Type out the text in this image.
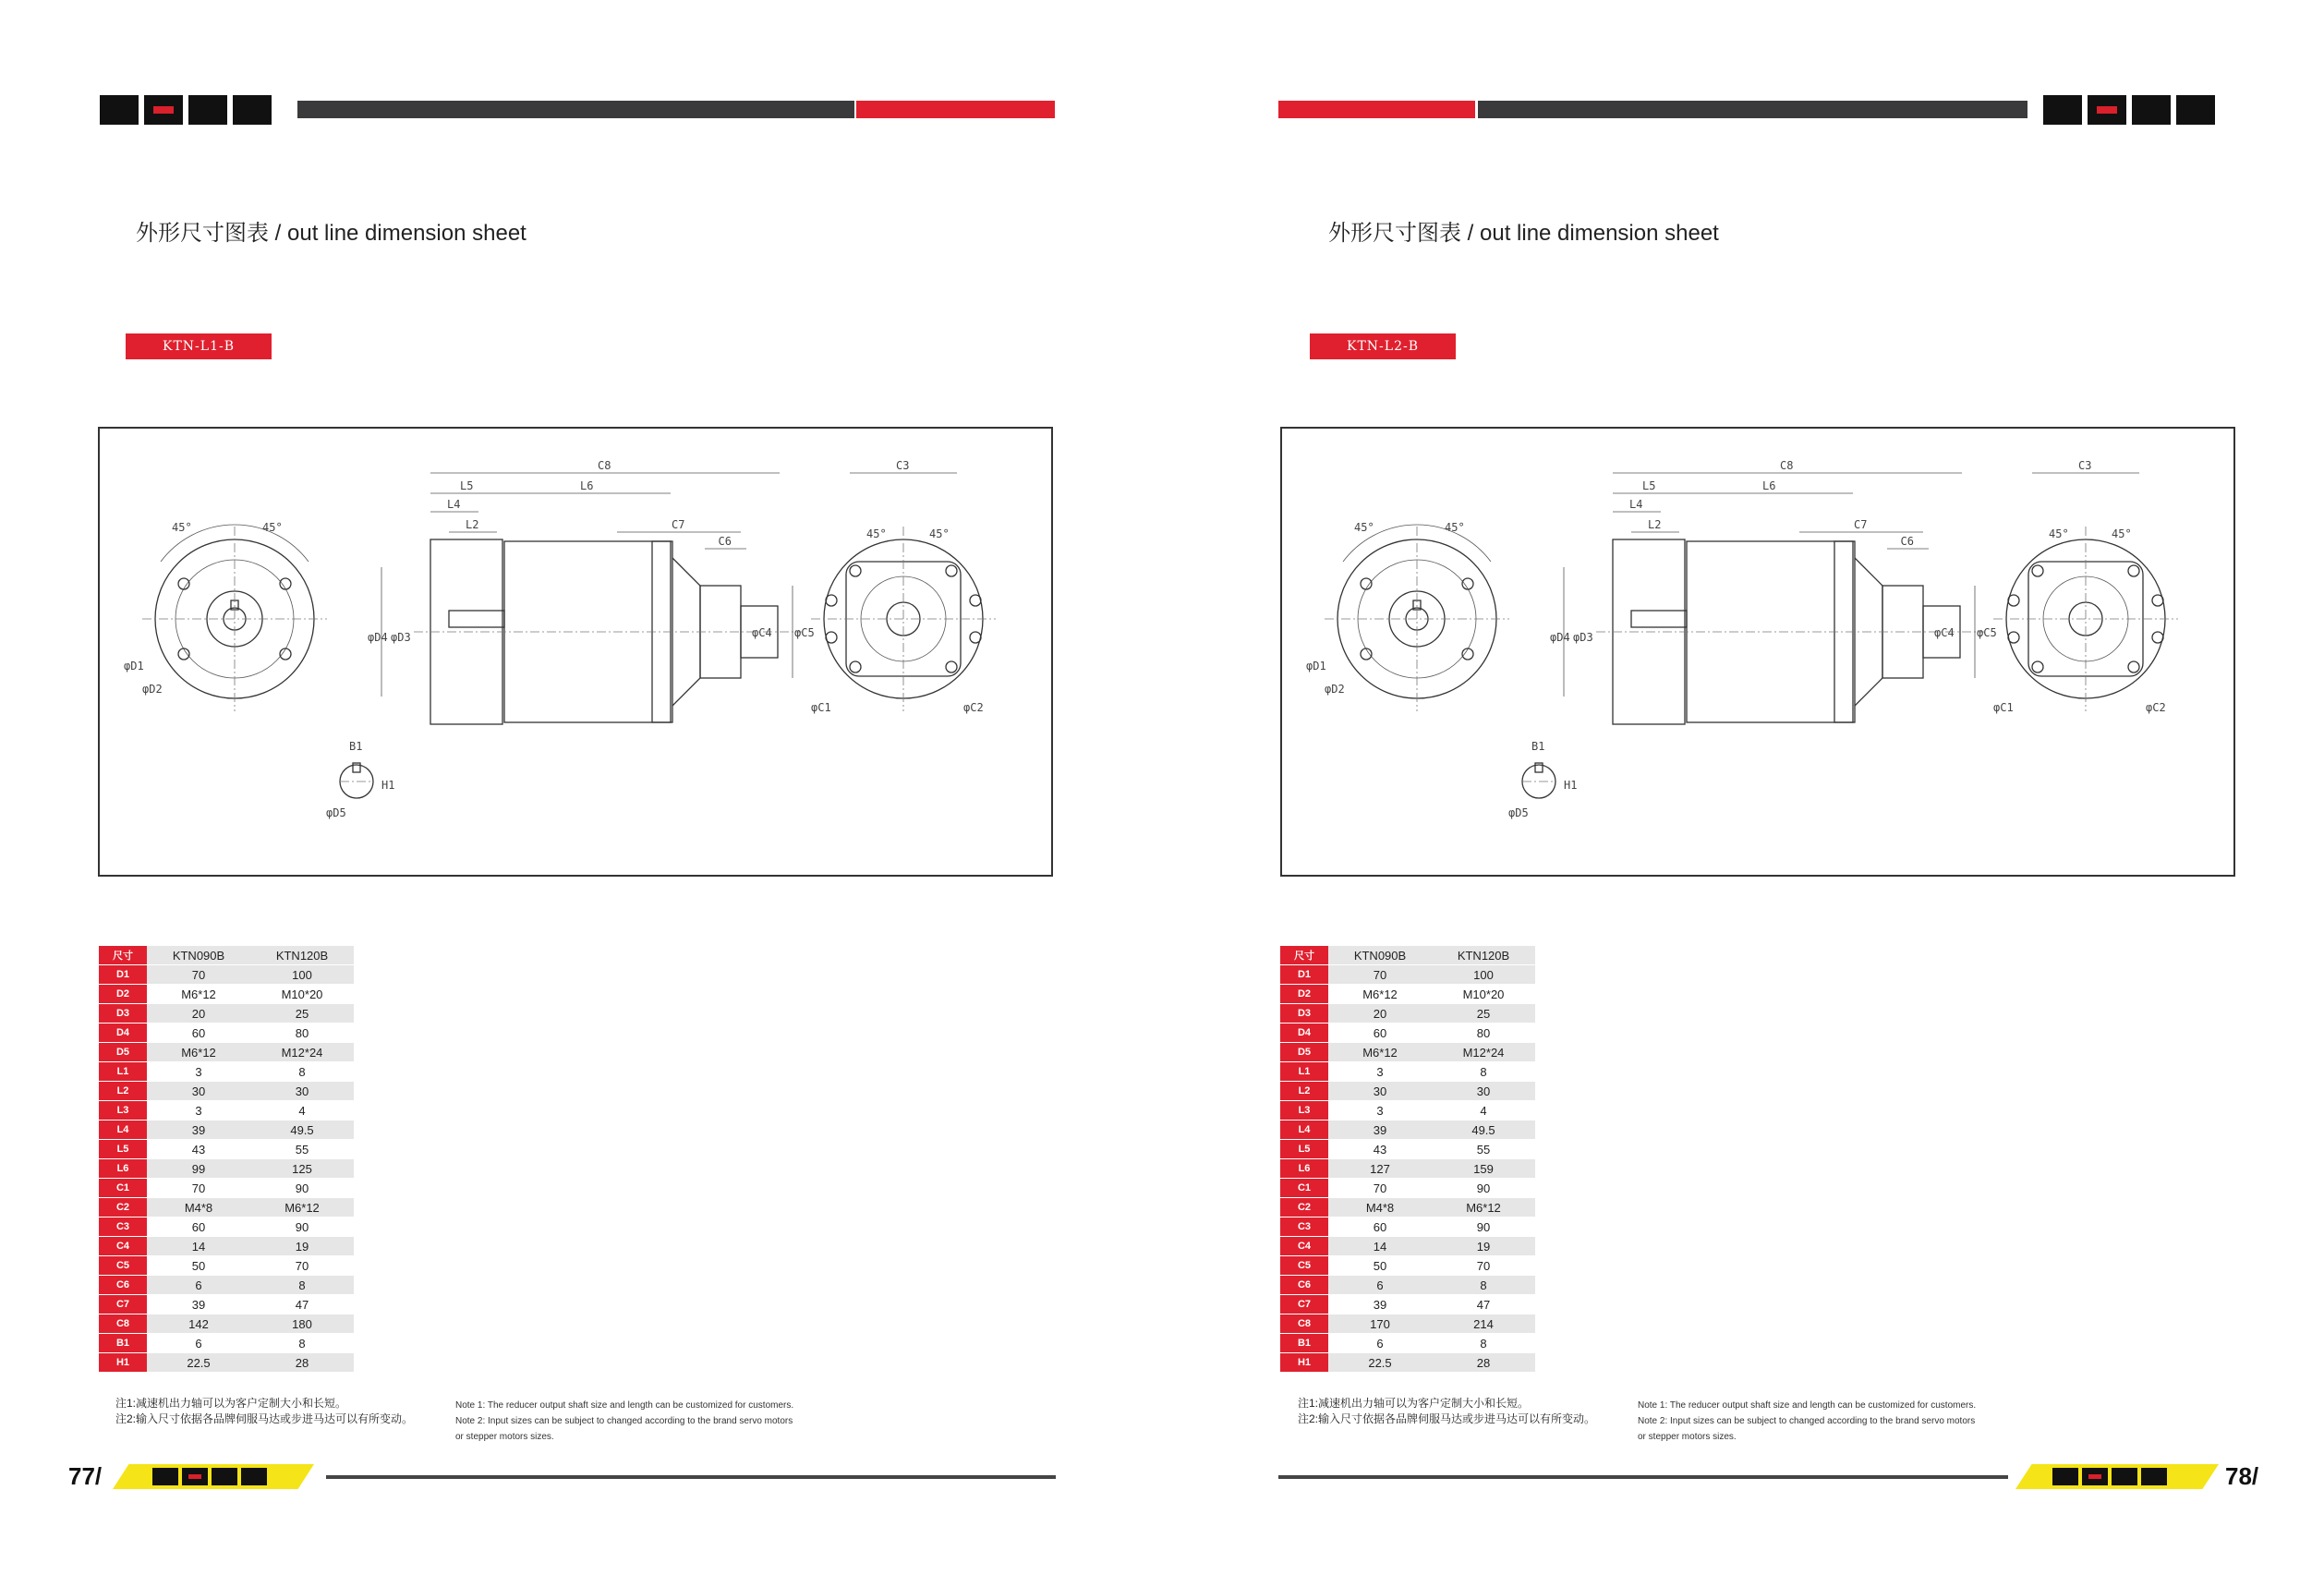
外形尺寸图表 / out line dimension sheet
KTN-L1-B
45°	45°
φD1
φD2
C8
L5	L6
L4
L2	C7
C6
φD4 φD3	φC5
φC4
B1
H1
φD5
C3
45°	45°
φC1	φC2
尺寸	KTN090B	KTN120B
D1	70	100
D2	M6*12	M10*20
D3	20	25
D4	60	80
D5	M6*12	M12*24
L1	3	8
L2	30	30
L3	3	4
L4	39	49.5
L5	43	55
L6	99	125
C1	70	90
C2	M4*8	M6*12
C3	60	90
C4	14	19
C5	50	70
C6	6	8
C7	39	47
C8	142	180
B1	6	8
H1	22.5	28
注1:减速机出力轴可以为客户定制大小和长短。
注2:输入尺寸依据各品牌伺服马达或步进马达可以有所变动。
Note 1: The reducer output shaft size and length can be customized for customers.
Note 2: Input sizes can be subject to changed according to the brand servo motors
or stepper motors sizes.
77/
外形尺寸图表 / out line dimension sheet
KTN-L2-B
45°	45°
φD1
φD2
C8
L5	L6
L4
L2	C7
C6
φD4 φD3	φC5
φC4
B1
H1
φD5
C3
45°	45°
φC1	φC2
尺寸	KTN090B	KTN120B
D1	70	100
D2	M6*12	M10*20
D3	20	25
D4	60	80
D5	M6*12	M12*24
L1	3	8
L2	30	30
L3	3	4
L4	39	49.5
L5	43	55
L6	127	159
C1	70	90
C2	M4*8	M6*12
C3	60	90
C4	14	19
C5	50	70
C6	6	8
C7	39	47
C8	170	214
B1	6	8
H1	22.5	28
注1:减速机出力轴可以为客户定制大小和长短。
注2:输入尺寸依据各品牌伺服马达或步进马达可以有所变动。
Note 1: The reducer output shaft size and length can be customized for customers.
Note 2: Input sizes can be subject to changed according to the brand servo motors
or stepper motors sizes.
78/
